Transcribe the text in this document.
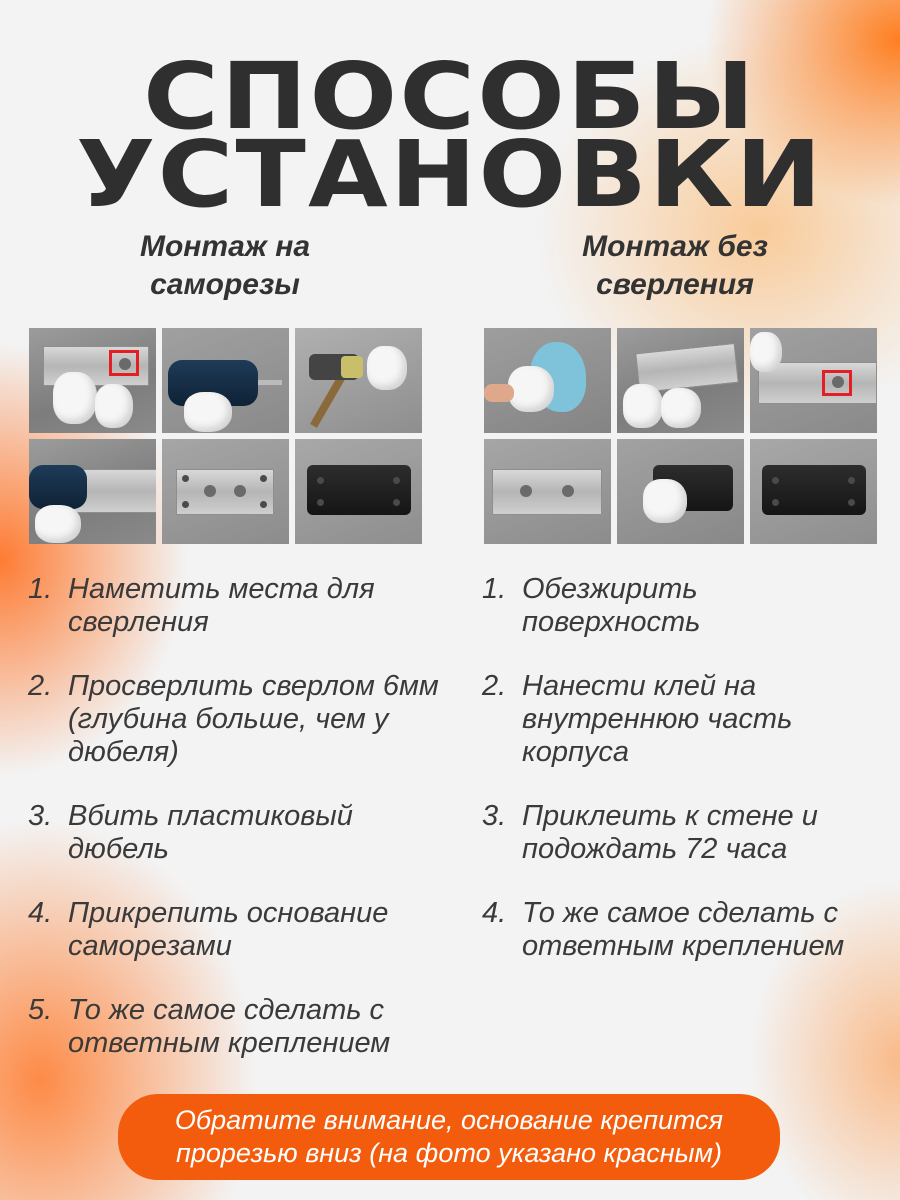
СПОСОБЫ
УСТАНОВКИ
Монтаж на
саморезы
Монтаж без
сверления
1. Наметить места для сверления
2. Просверлить сверлом 6мм (глубина больше, чем у дюбеля)
3. Вбить пластиковый дюбель
4. Прикрепить основание саморезами
5. То же самое сделать с ответным креплением
1. Обезжирить поверхность
2. Нанести клей на внутреннюю часть корпуса
3. Приклеить к стене и подождать 72 часа
4. То же самое сделать с ответным креплением
Обратите внимание, основание крепится
прорезью вниз (на фото указано красным)
